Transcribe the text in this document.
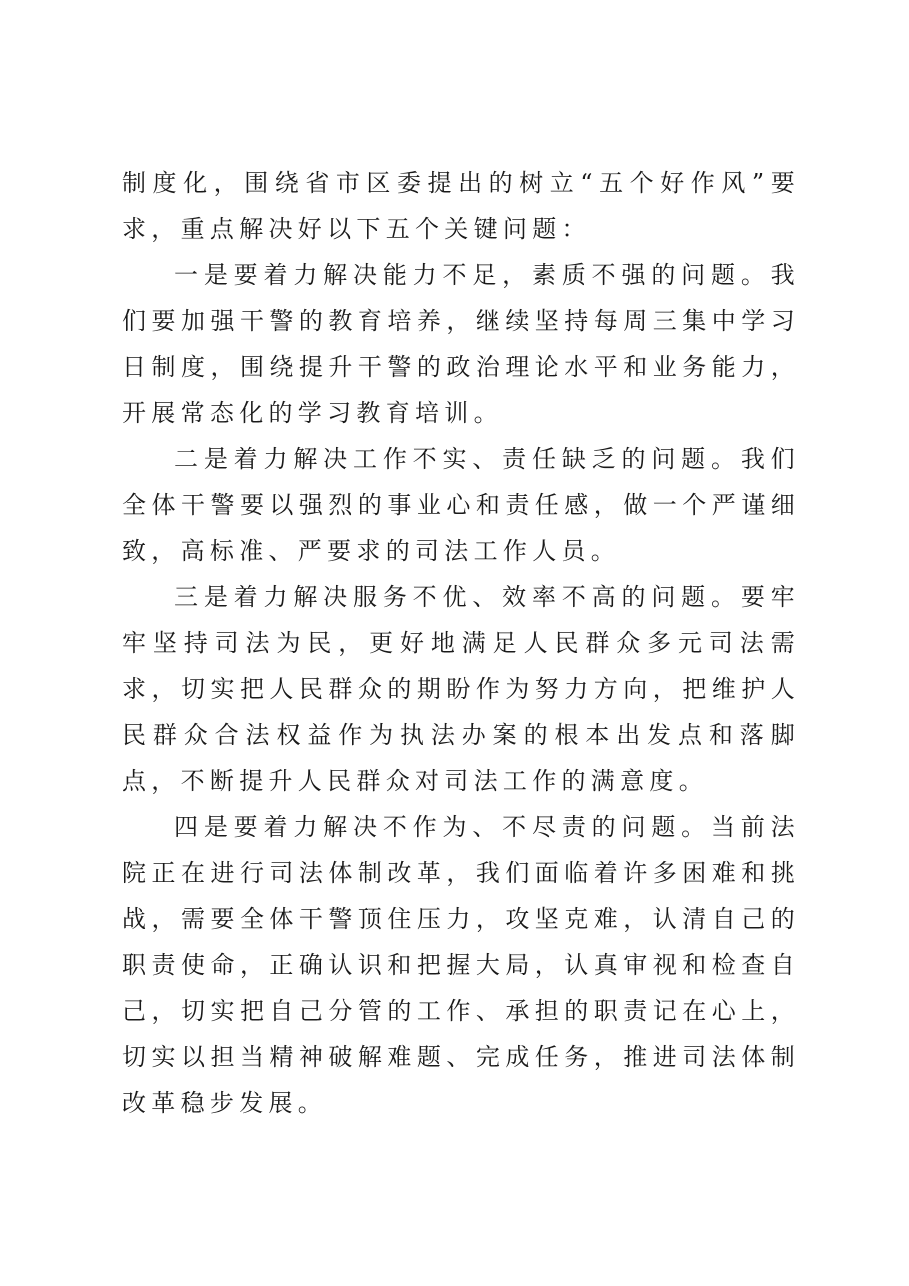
制度化，围绕省市区委提出的树立“五个好作风”要求，重点解决好以下五个关键问题：

一是要着力解决能力不足，素质不强的问题。我们要加强干警的教育培养，继续坚持每周三集中学习日制度，围绕提升干警的政治理论水平和业务能力，开展常态化的学习教育培训。

二是着力解决工作不实、责任缺乏的问题。我们全体干警要以强烈的事业心和责任感，做一个严谨细致，高标准、严要求的司法工作人员。

三是着力解决服务不优、效率不高的问题。要牢牢坚持司法为民，更好地满足人民群众多元司法需求，切实把人民群众的期盼作为努力方向，把维护人民群众合法权益作为执法办案的根本出发点和落脚点，不断提升人民群众对司法工作的满意度。

四是要着力解决不作为、不尽责的问题。当前法院正在进行司法体制改革，我们面临着许多困难和挑战，需要全体干警顶住压力，攻坚克难，认清自己的职责使命，正确认识和把握大局，认真审视和检查自己，切实把自己分管的工作、承担的职责记在心上，切实以担当精神破解难题、完成任务，推进司法体制改革稳步发展。
